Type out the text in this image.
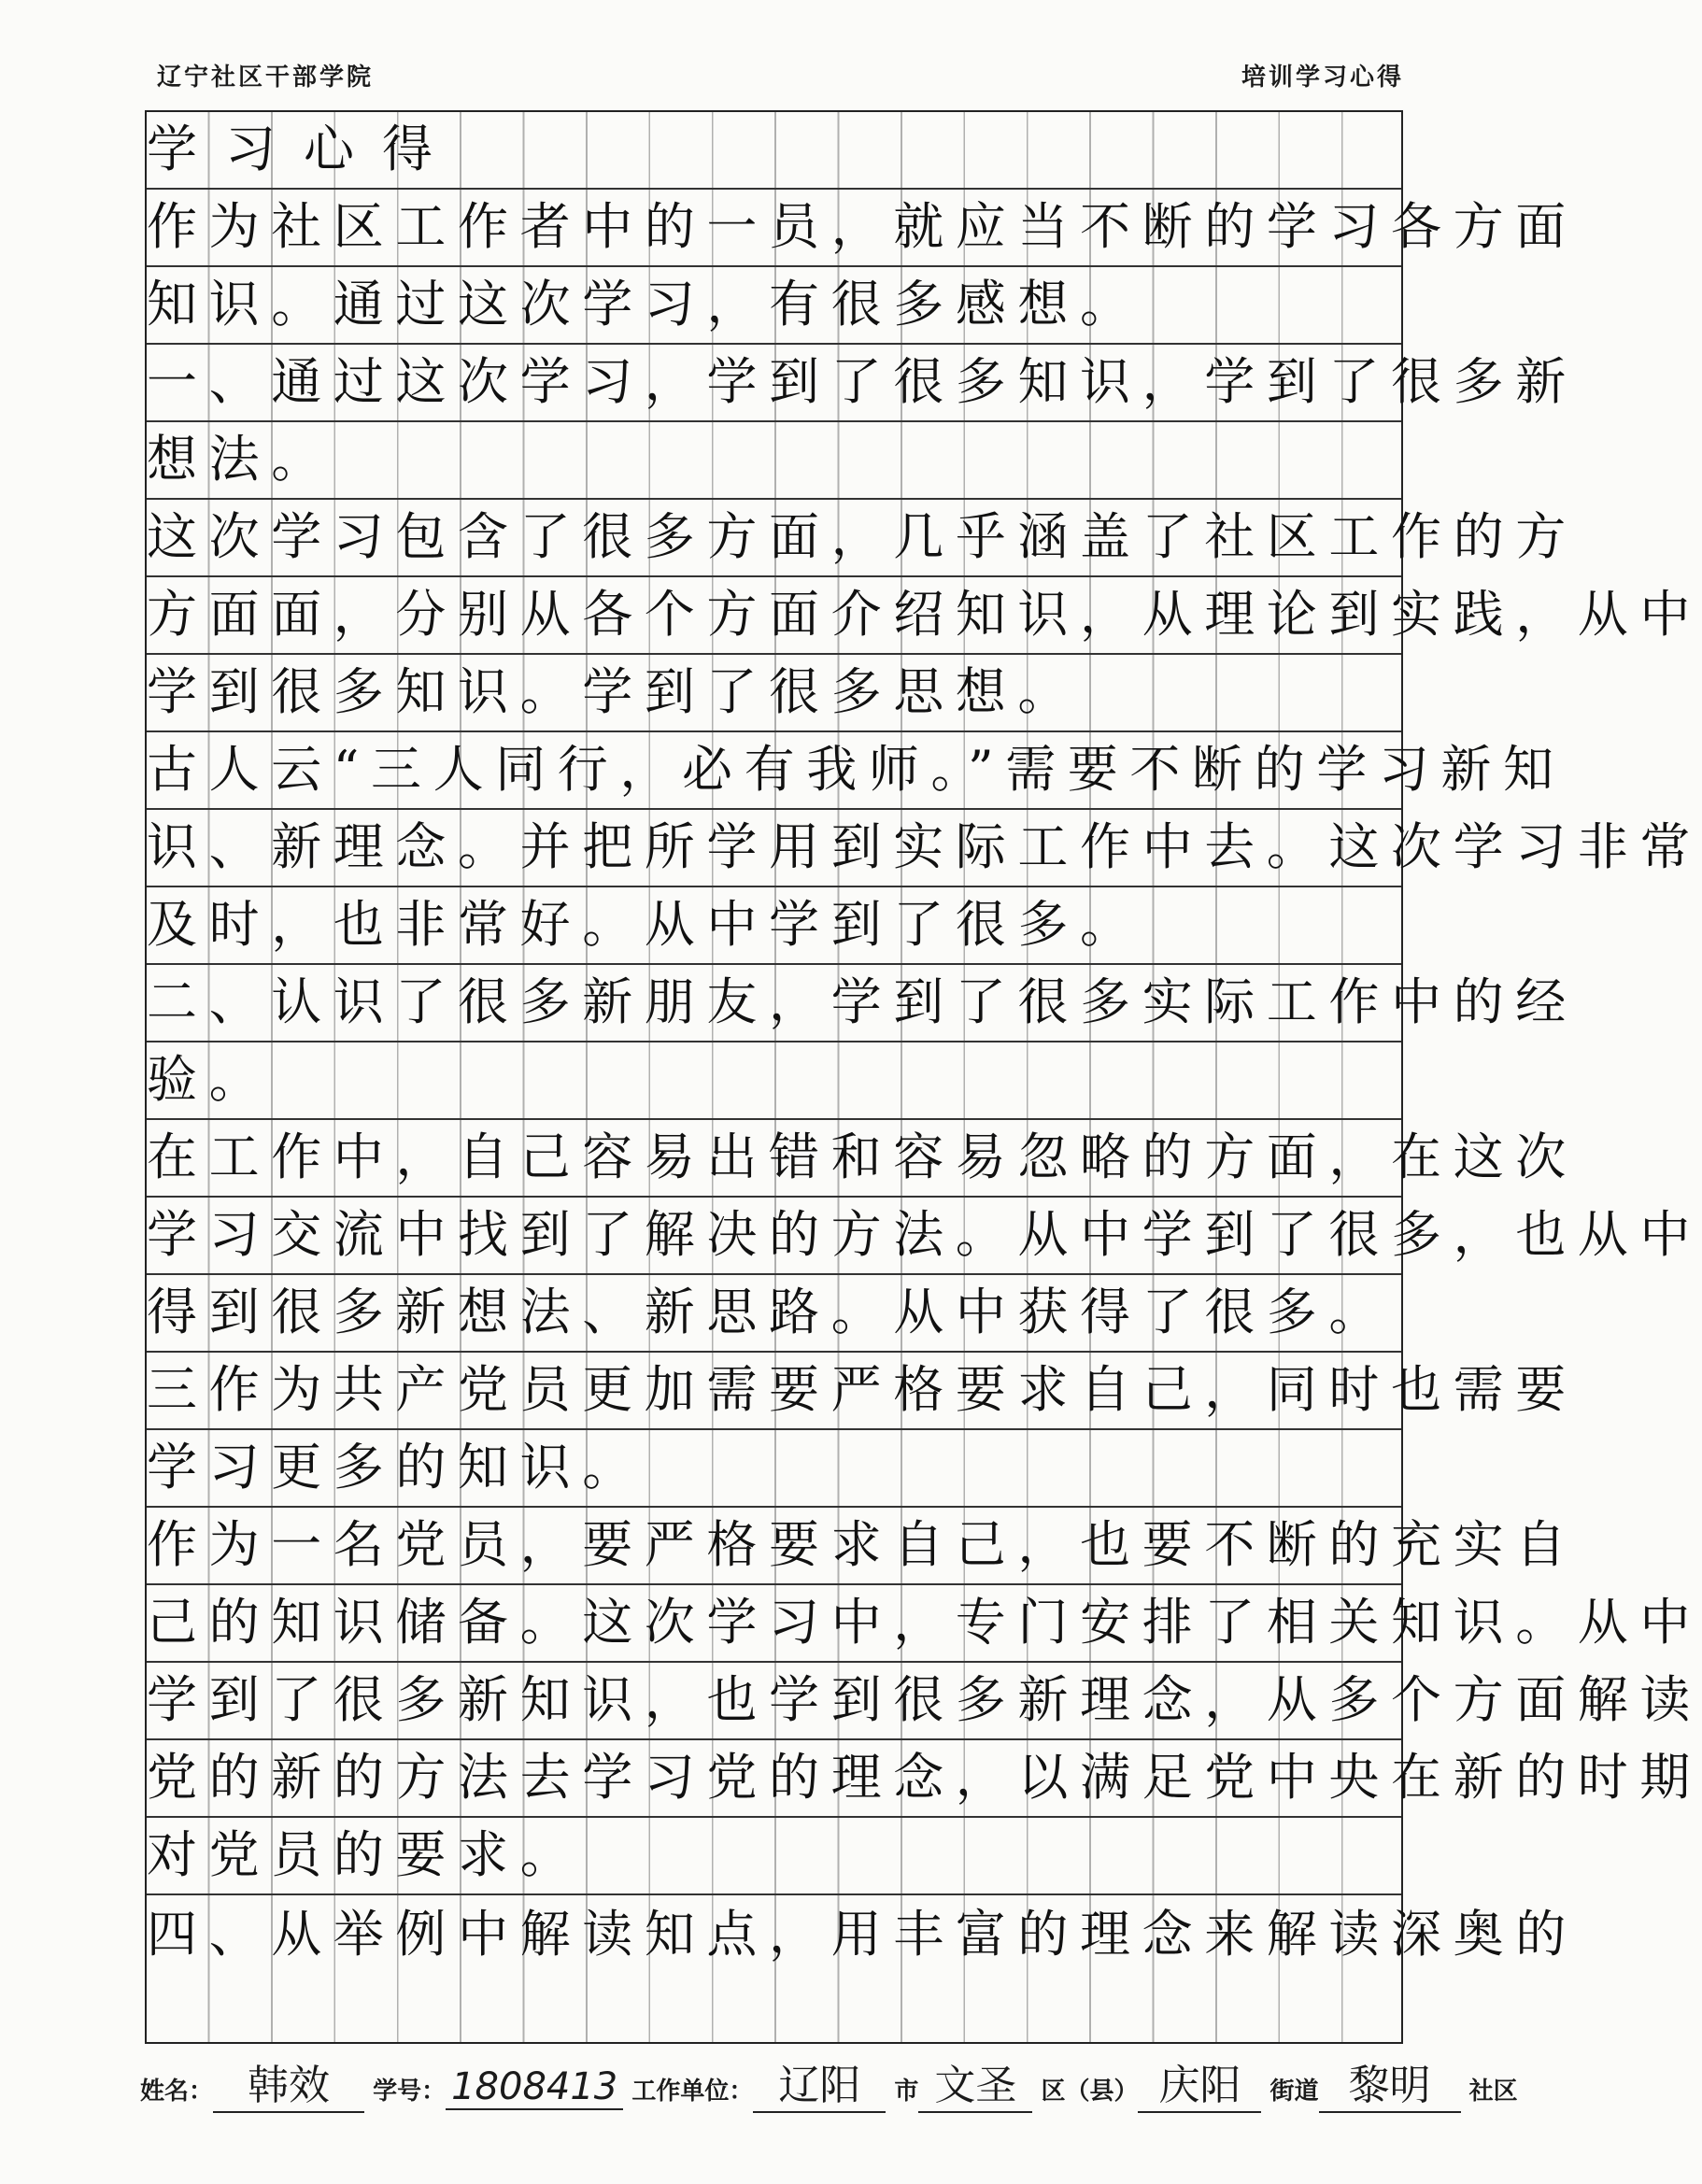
辽宁社区干部学院	培训学习心得
学习心得
作为社区工作者中的一员，就应当不断的学习各方面
知识。通过这次学习，有很多感想。
一、通过这次学习，学到了很多知识，学到了很多新
想法。
这次学习包含了很多方面，几乎涵盖了社区工作的方
方面面，分别从各个方面介绍知识，从理论到实践，从中
学到很多知识。学到了很多思想。
古人云“三人同行，必有我师。”需要不断的学习新知
识、新理念。并把所学用到实际工作中去。这次学习非常
及时，也非常好。从中学到了很多。
二、认识了很多新朋友，学到了很多实际工作中的经
验。
在工作中，自己容易出错和容易忽略的方面，在这次
学习交流中找到了解决的方法。从中学到了很多，也从中
得到很多新想法、新思路。从中获得了很多。
三作为共产党员更加需要严格要求自己，同时也需要
学习更多的知识。
作为一名党员，要严格要求自己，也要不断的充实自
己的知识储备。这次学习中，专门安排了相关知识。从中
学到了很多新知识，也学到很多新理念，从多个方面解读
党的新的方法去学习党的理念，以满足党中央在新的时期
对党员的要求。
四、从举例中解读知点，用丰富的理念来解读深奥的
姓名： 韩效 学号： 1808413 工作单位： 辽阳 市 文圣 区（县） 庆阳 街道 黎明 社区
